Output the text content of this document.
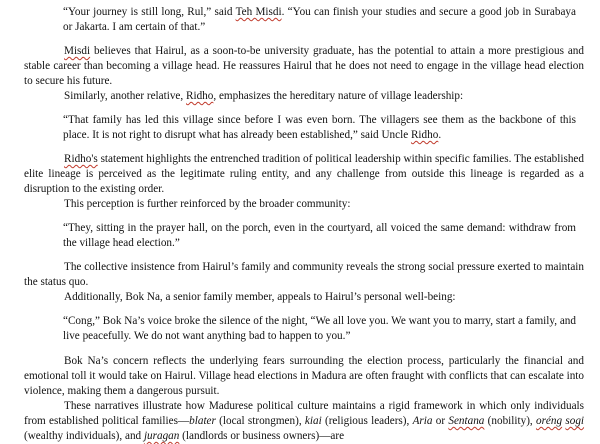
“Your journey is still long, Rul,” said Teh Misdi. “You can finish your studies and secure a good job in Surabaya or Jakarta. I am certain of that.”

Misdi believes that Hairul, as a soon-to-be university graduate, has the potential to attain a more prestigious and stable career than becoming a village head. He reassures Hairul that he does not need to engage in the village head election to secure his future.

Similarly, another relative, Ridho, emphasizes the hereditary nature of village leadership:

“That family has led this village since before I was even born. The villagers see them as the backbone of this place. It is not right to disrupt what has already been established,” said Uncle Ridho.

Ridho's statement highlights the entrenched tradition of political leadership within specific families. The established elite lineage is perceived as the legitimate ruling entity, and any challenge from outside this lineage is regarded as a disruption to the existing order.

This perception is further reinforced by the broader community:

“They, sitting in the prayer hall, on the porch, even in the courtyard, all voiced the same demand: withdraw from the village head election.”

The collective insistence from Hairul’s family and community reveals the strong social pressure exerted to maintain the status quo.

Additionally, Bok Na, a senior family member, appeals to Hairul’s personal well-being:

“Cong,” Bok Na’s voice broke the silence of the night, “We all love you. We want you to marry, start a family, and live peacefully. We do not want anything bad to happen to you.”

Bok Na’s concern reflects the underlying fears surrounding the election process, particularly the financial and emotional toll it would take on Hairul. Village head elections in Madura are often fraught with conflicts that can escalate into violence, making them a dangerous pursuit.

These narratives illustrate how Madurese political culture maintains a rigid framework in which only individuals from established political families—blater (local strongmen), kiai (religious leaders), Aria or Sentana (nobility), oréng sogi (wealthy individuals), and juragan (landlords or business owners)—are
